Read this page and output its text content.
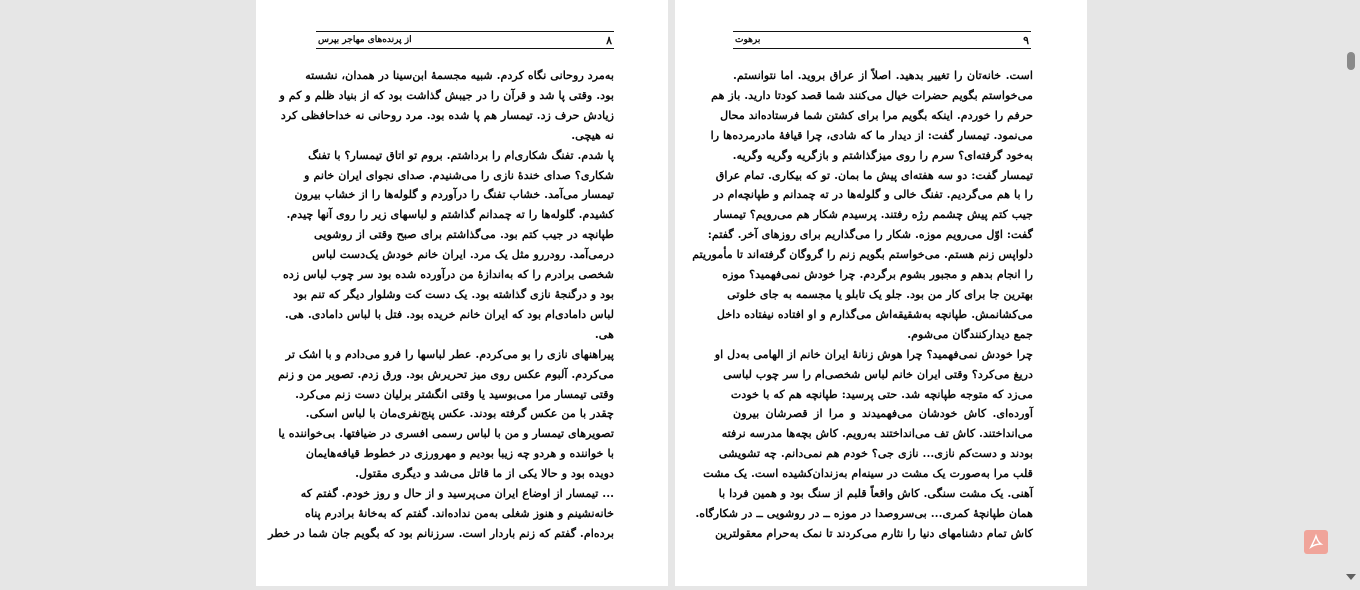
۸
از پرنده‌های مهاجر بپرس
به‌مرد روحانی نگاه کردم. شبیه مجسمهٔ ابن‌سینا در همدان، نشسته
بود. وقتی پا شد و قرآن را در جیبش گذاشت بود که از بنیاد ظلم و کم و
زیادش حرف زد. تیمسار هم پا شده بود. مرد روحانی نه خداحافظی کرد
نه هیچی.
پا شدم. تفنگ شکاری‌ام را برداشتم. بروم تو اتاق تیمسار؟ با تفنگ
شکاری؟ صدای خندهٔ نازی را می‌شنیدم. صدای نجوای ایران خانم و
تیمسار می‌آمد. خشاب تفنگ را درآوردم و گلوله‌ها را از خشاب بیرون
کشیدم. گلوله‌ها را ته چمدانم گذاشتم و لباسهای زیر را روی آنها چیدم.
طپانچه در جیب کتم بود. می‌گذاشتم برای صبح وقتی از روشویی
درمی‌آمد. رودررو مثل یک مرد. ایران خانم خودش یک‌دست لباس
شخصی برادرم را که به‌اندازهٔ من درآورده شده بود سر چوب لباس زده
بود و درگنجهٔ نازی گذاشته بود. یک دست کت وشلوار دیگر که تنم بود
لباس دامادی‌ام بود که ایران خانم خریده بود. فتل با لباس دامادی. هی.
هی.
پیراهنهای نازی را بو می‌کردم. عطر لباسها را فرو می‌دادم و با اشک تر
می‌کردم. آلبوم عکس روی میز تحریرش بود. ورق زدم. تصویر من و زنم
وقتی تیمسار مرا می‌بوسید یا وقتی انگشتر برلیان دست زنم می‌کرد.
چقدر با من عکس گرفته بودند. عکس پنج‌نفری‌مان با لباس اسکی.
تصویرهای تیمسار و من با لباس رسمی افسری در ضیافتها. بی‌خواننده یا
با خواننده و هردو چه زیبا بودیم و مهرورزی در خطوط قیافه‌هایمان
دویده بود و حالا یکی از ما قاتل می‌شد و دیگری مقتول.
... تیمسار از اوضاع ایران می‌پرسید و از حال و روز خودم. گفتم که
خانه‌نشینم و هنوز شغلی به‌من نداده‌اند. گفتم که به‌خانهٔ برادرم پناه
برده‌ام. گفتم که زنم باردار است. سرزنانم بود که بگویم جان شما در خطر
۹
برهوت
است. خانه‌تان را تغییر بدهید. اصلاً از عراق بروید. اما نتوانستم.
می‌خواستم بگویم حضرات خیال می‌کنند شما قصد کودتا دارید. باز هم
حرفم را خوردم. اینکه بگویم مرا برای کشتن شما فرستاده‌اند محال
می‌نمود. تیمسار گفت: از دیدار ما که شادی، چرا قیافهٔ مادرمرده‌ها را
به‌خود گرفته‌ای؟ سرم را روی میزگذاشتم و بازگریه وگریه وگریه.
تیمسار گفت: دو سه هفته‌ای پیش ما بمان. تو که بیکاری. تمام عراق
را با هم می‌گردیم. تفنگ خالی و گلوله‌ها در ته چمدانم و طپانچه‌ام در
جیب کتم پیش چشمم رژه رفتند. پرسیدم شکار هم می‌رویم؟ تیمسار
گفت: اوّل می‌رویم موزه. شکار را می‌گذاریم برای روزهای آخر. گفتم:
دلواپس زنم هستم. می‌خواستم بگویم زنم را گروگان گرفته‌اند تا مأموریتم
را انجام بدهم و مجبور بشوم برگردم. چرا خودش نمی‌فهمید؟ موزه
بهترین جا برای کار من بود. جلو یک تابلو یا مجسمه به جای خلوتی
می‌کشانمش. طپانچه به‌شقیقه‌اش می‌گذارم و او افتاده نیفتاده داخل
جمع دیدارکنندگان می‌شوم.
چرا خودش نمی‌فهمید؟ چرا هوش زنانهٔ ایران خانم از الهامی به‌دل او
دریغ می‌کرد؟ وقتی ایران خانم لباس شخصی‌ام را سر چوب لباسی
می‌زد که متوجه طپانچه شد. حتی پرسید: طپانچه هم که با خودت
آورده‌ای. کاش خودشان می‌فهمیدند و مرا از قصرشان بیرون
می‌انداختند. کاش تف می‌انداختند به‌رویم. کاش بچه‌ها مدرسه نرفته
بودند و دست‌کم نازی... نازی جی؟ خودم هم نمی‌دانم. چه تشویشی
قلب مرا به‌صورت یک مشت در سینه‌ام به‌زندان‌کشیده است. یک مشت
آهنی. یک مشت سنگی. کاش واقعاً قلبم از سنگ بود و همین فردا با
همان طپانچهٔ کمری... بی‌سروصدا در موزه ــ در روشویی ــ در شکارگاه.
کاش تمام دشنامهای دنیا را نثارم می‌کردند تا نمک به‌حرام معقولترین
